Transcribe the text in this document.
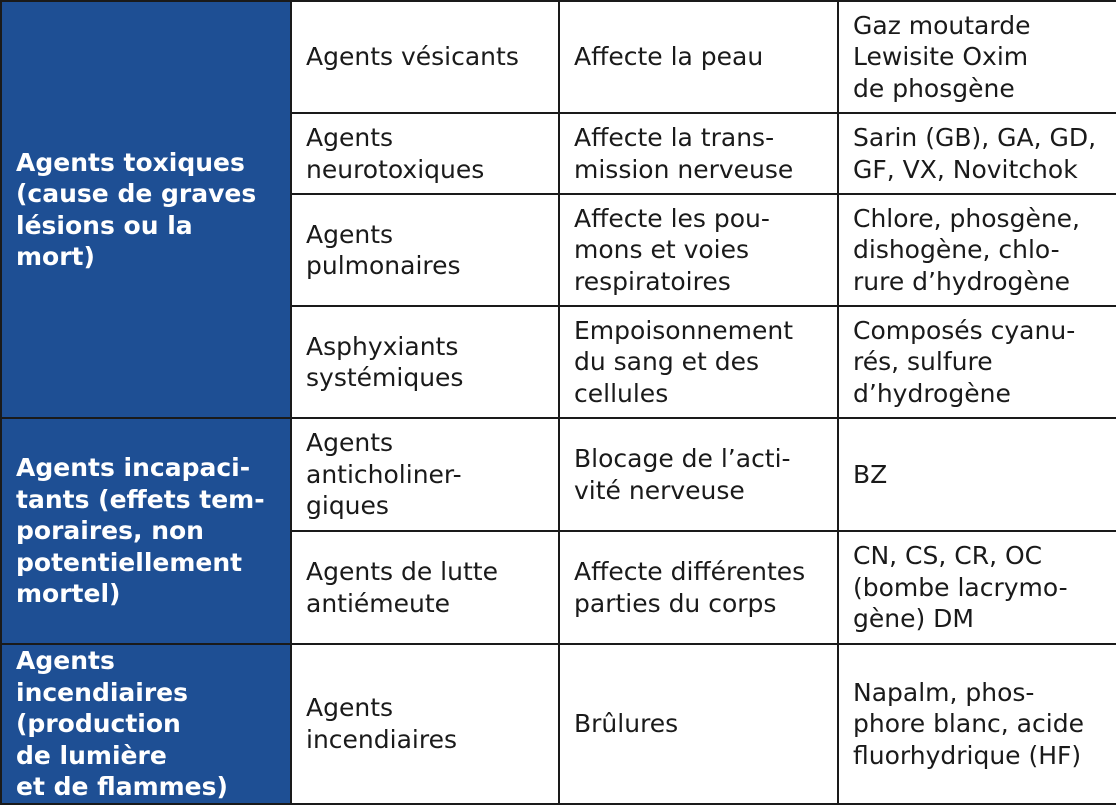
Agents toxiques
(cause de graves
lésions ou la mort)	Agents vésicants	Affecte la peau	Gaz moutarde
Lewisite Oxim
de phosgène
	Agents
neurotoxiques	Affecte la trans-
mission nerveuse	Sarin (GB), GA, GD,
GF, VX, Novitchok
	Agents
pulmonaires	Affecte les pou-
mons et voies
respiratoires	Chlore, phosgène,
dishogène, chlo-
rure d’hydrogène
	Asphyxiants
systémiques	Empoisonnement
du sang et des
cellules	Composés cyanu-
rés, sulfure
d’hydrogène
Agents incapaci-
tants (effets tem-
poraires, non
potentiellement
mortel)	Agents
anticholiner-
giques	Blocage de l’acti-
vité nerveuse	BZ
	Agents de lutte
antiémeute	Affecte différentes
parties du corps	CN, CS, CR, OC
(bombe lacrymo-
gène) DM
Agents incendiaires
(production
de lumière
et de flammes)	Agents
incendiaires	Brûlures	Napalm, phos-
phore blanc, acide
fluorhydrique (HF)
